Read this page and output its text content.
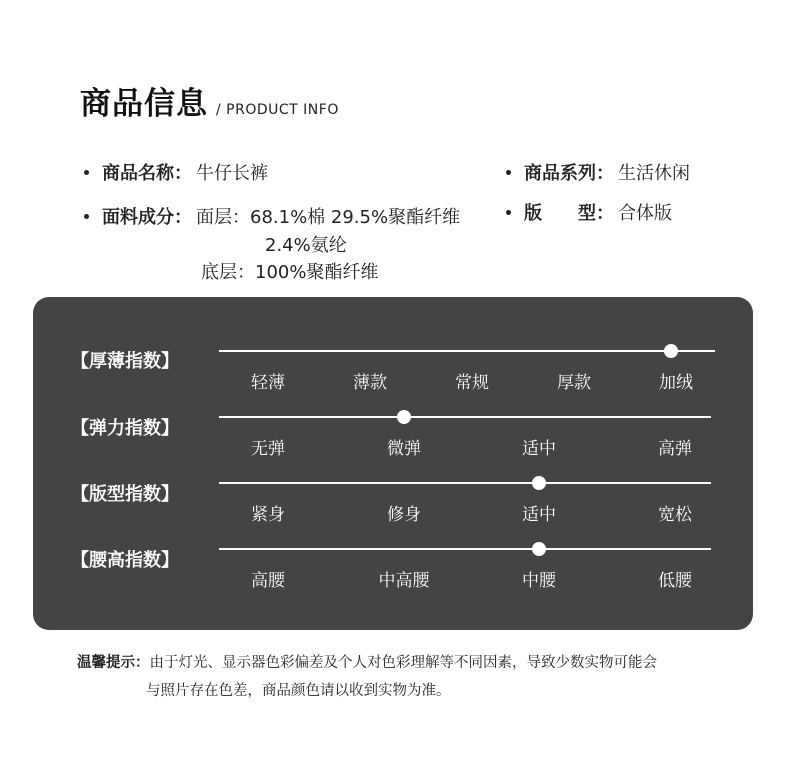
商品信息 / PRODUCT INFO
商品名称： 牛仔长裤	商品系列： 生活休闲
面料成分： 面层：68.1%棉 29.5%聚酯纤维
2.4%氨纶
底层：100%聚酯纤维
版　　型： 合体版
【厚薄指数】
轻薄	薄款	常规	厚款	加绒
【弹力指数】
无弹	微弹	适中	高弹
【版型指数】
紧身	修身	适中	宽松
【腰高指数】
高腰	中高腰	中腰	低腰
温馨提示：由于灯光、显示器色彩偏差及个人对色彩理解等不同因素，导致少数实物可能会
与照片存在色差，商品颜色请以收到实物为准。
